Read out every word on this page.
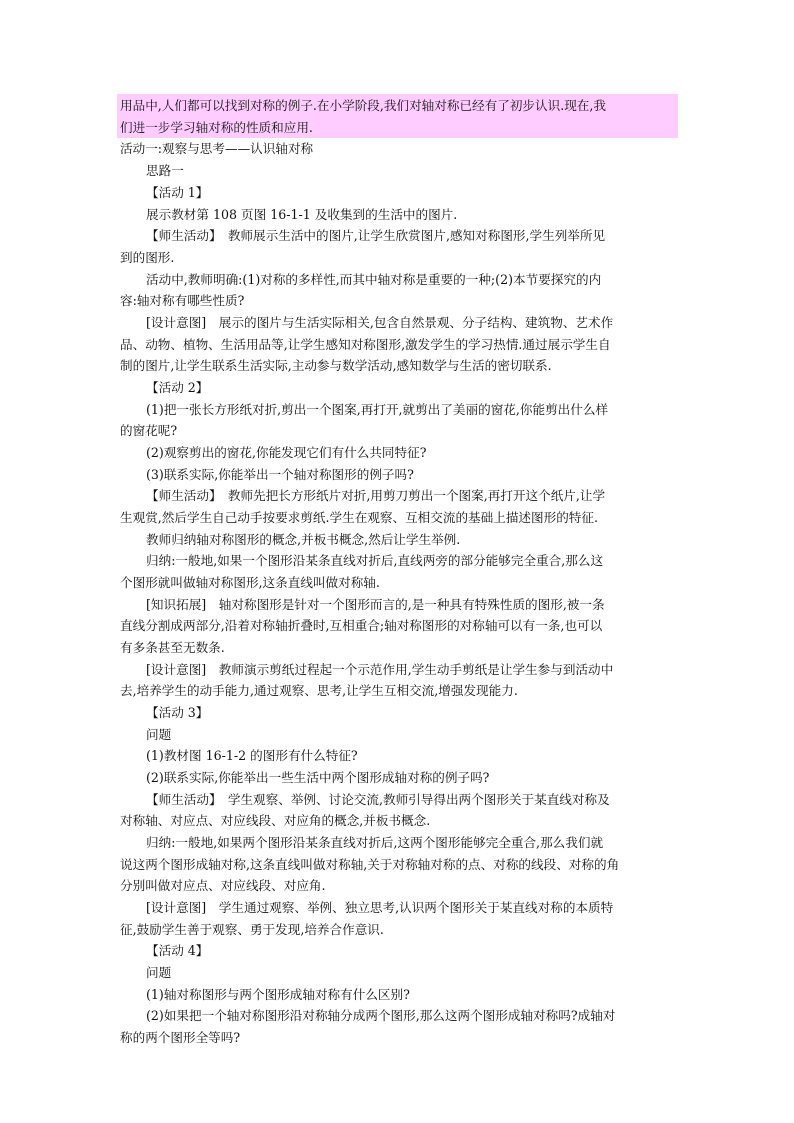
用品中,人们都可以找到对称的例子.在小学阶段,我们对轴对称已经有了初步认识.现在,我
们进一步学习轴对称的性质和应用.
活动一:观察与思考——认识轴对称
思路一
【活动 1】
展示教材第 108 页图 16-1-1 及收集到的生活中的图片.
【师生活动】　教师展示生活中的图片,让学生欣赏图片,感知对称图形,学生列举所见
到的图形.
活动中,教师明确:(1)对称的多样性,而其中轴对称是重要的一种;(2)本节要探究的内
容:轴对称有哪些性质?
[设计意图]　展示的图片与生活实际相关,包含自然景观、分子结构、建筑物、艺术作
品、动物、植物、生活用品等,让学生感知对称图形,激发学生的学习热情.通过展示学生自
制的图片,让学生联系生活实际,主动参与数学活动,感知数学与生活的密切联系.
【活动 2】
(1)把一张长方形纸对折,剪出一个图案,再打开,就剪出了美丽的窗花,你能剪出什么样
的窗花呢?
(2)观察剪出的窗花,你能发现它们有什么共同特征?
(3)联系实际,你能举出一个轴对称图形的例子吗?
【师生活动】　教师先把长方形纸片对折,用剪刀剪出一个图案,再打开这个纸片,让学
生观赏,然后学生自己动手按要求剪纸.学生在观察、互相交流的基础上描述图形的特征.
教师归纳轴对称图形的概念,并板书概念,然后让学生举例.
归纳:一般地,如果一个图形沿某条直线对折后,直线两旁的部分能够完全重合,那么这
个图形就叫做轴对称图形,这条直线叫做对称轴.
[知识拓展]　轴对称图形是针对一个图形而言的,是一种具有特殊性质的图形,被一条
直线分割成两部分,沿着对称轴折叠时,互相重合;轴对称图形的对称轴可以有一条,也可以
有多条甚至无数条.
[设计意图]　教师演示剪纸过程起一个示范作用,学生动手剪纸是让学生参与到活动中
去,培养学生的动手能力,通过观察、思考,让学生互相交流,增强发现能力.
【活动 3】
问题
(1)教材图 16-1-2 的图形有什么特征?
(2)联系实际,你能举出一些生活中两个图形成轴对称的例子吗?
【师生活动】　学生观察、举例、讨论交流,教师引导得出两个图形关于某直线对称及
对称轴、对应点、对应线段、对应角的概念,并板书概念.
归纳:一般地,如果两个图形沿某条直线对折后,这两个图形能够完全重合,那么我们就
说这两个图形成轴对称,这条直线叫做对称轴,关于对称轴对称的点、对称的线段、对称的角
分别叫做对应点、对应线段、对应角.
[设计意图]　学生通过观察、举例、独立思考,认识两个图形关于某直线对称的本质特
征,鼓励学生善于观察、勇于发现,培养合作意识.
【活动 4】
问题
(1)轴对称图形与两个图形成轴对称有什么区别?
(2)如果把一个轴对称图形沿对称轴分成两个图形,那么这两个图形成轴对称吗?成轴对
称的两个图形全等吗?
